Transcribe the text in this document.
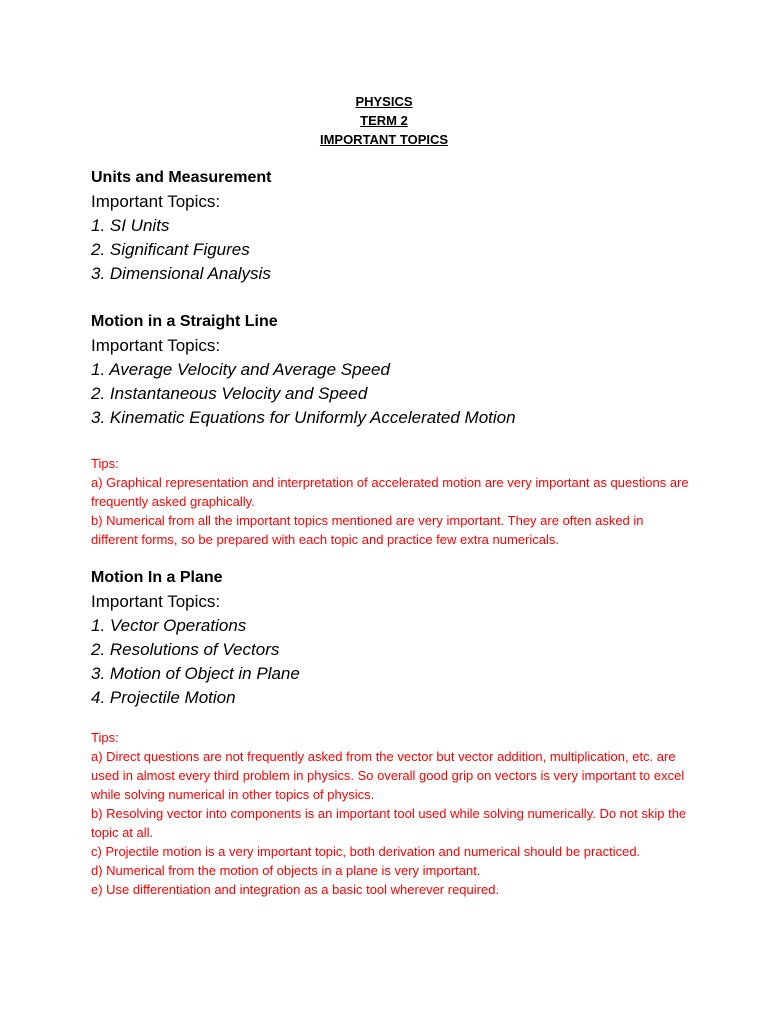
PHYSICS
TERM 2
IMPORTANT TOPICS
Units and Measurement
Important Topics:
1. SI Units
2. Significant Figures
3. Dimensional Analysis
Motion in a Straight Line
Important Topics:
1. Average Velocity and Average Speed
2. Instantaneous Velocity and Speed
3. Kinematic Equations for Uniformly Accelerated Motion
Tips:
a) Graphical representation and interpretation of accelerated motion are very important as questions are frequently asked graphically.
b) Numerical from all the important topics mentioned are very important. They are often asked in different forms, so be prepared with each topic and practice few extra numericals.
Motion In a Plane
Important Topics:
1. Vector Operations
2. Resolutions of Vectors
3. Motion of Object in Plane
4. Projectile Motion
Tips:
a) Direct questions are not frequently asked from the vector but vector addition, multiplication, etc. are used in almost every third problem in physics. So overall good grip on vectors is very important to excel while solving numerical in other topics of physics.
b) Resolving vector into components is an important tool used while solving numerically. Do not skip the topic at all.
c) Projectile motion is a very important topic, both derivation and numerical should be practiced.
d) Numerical from the motion of objects in a plane is very important.
e) Use differentiation and integration as a basic tool wherever required.
